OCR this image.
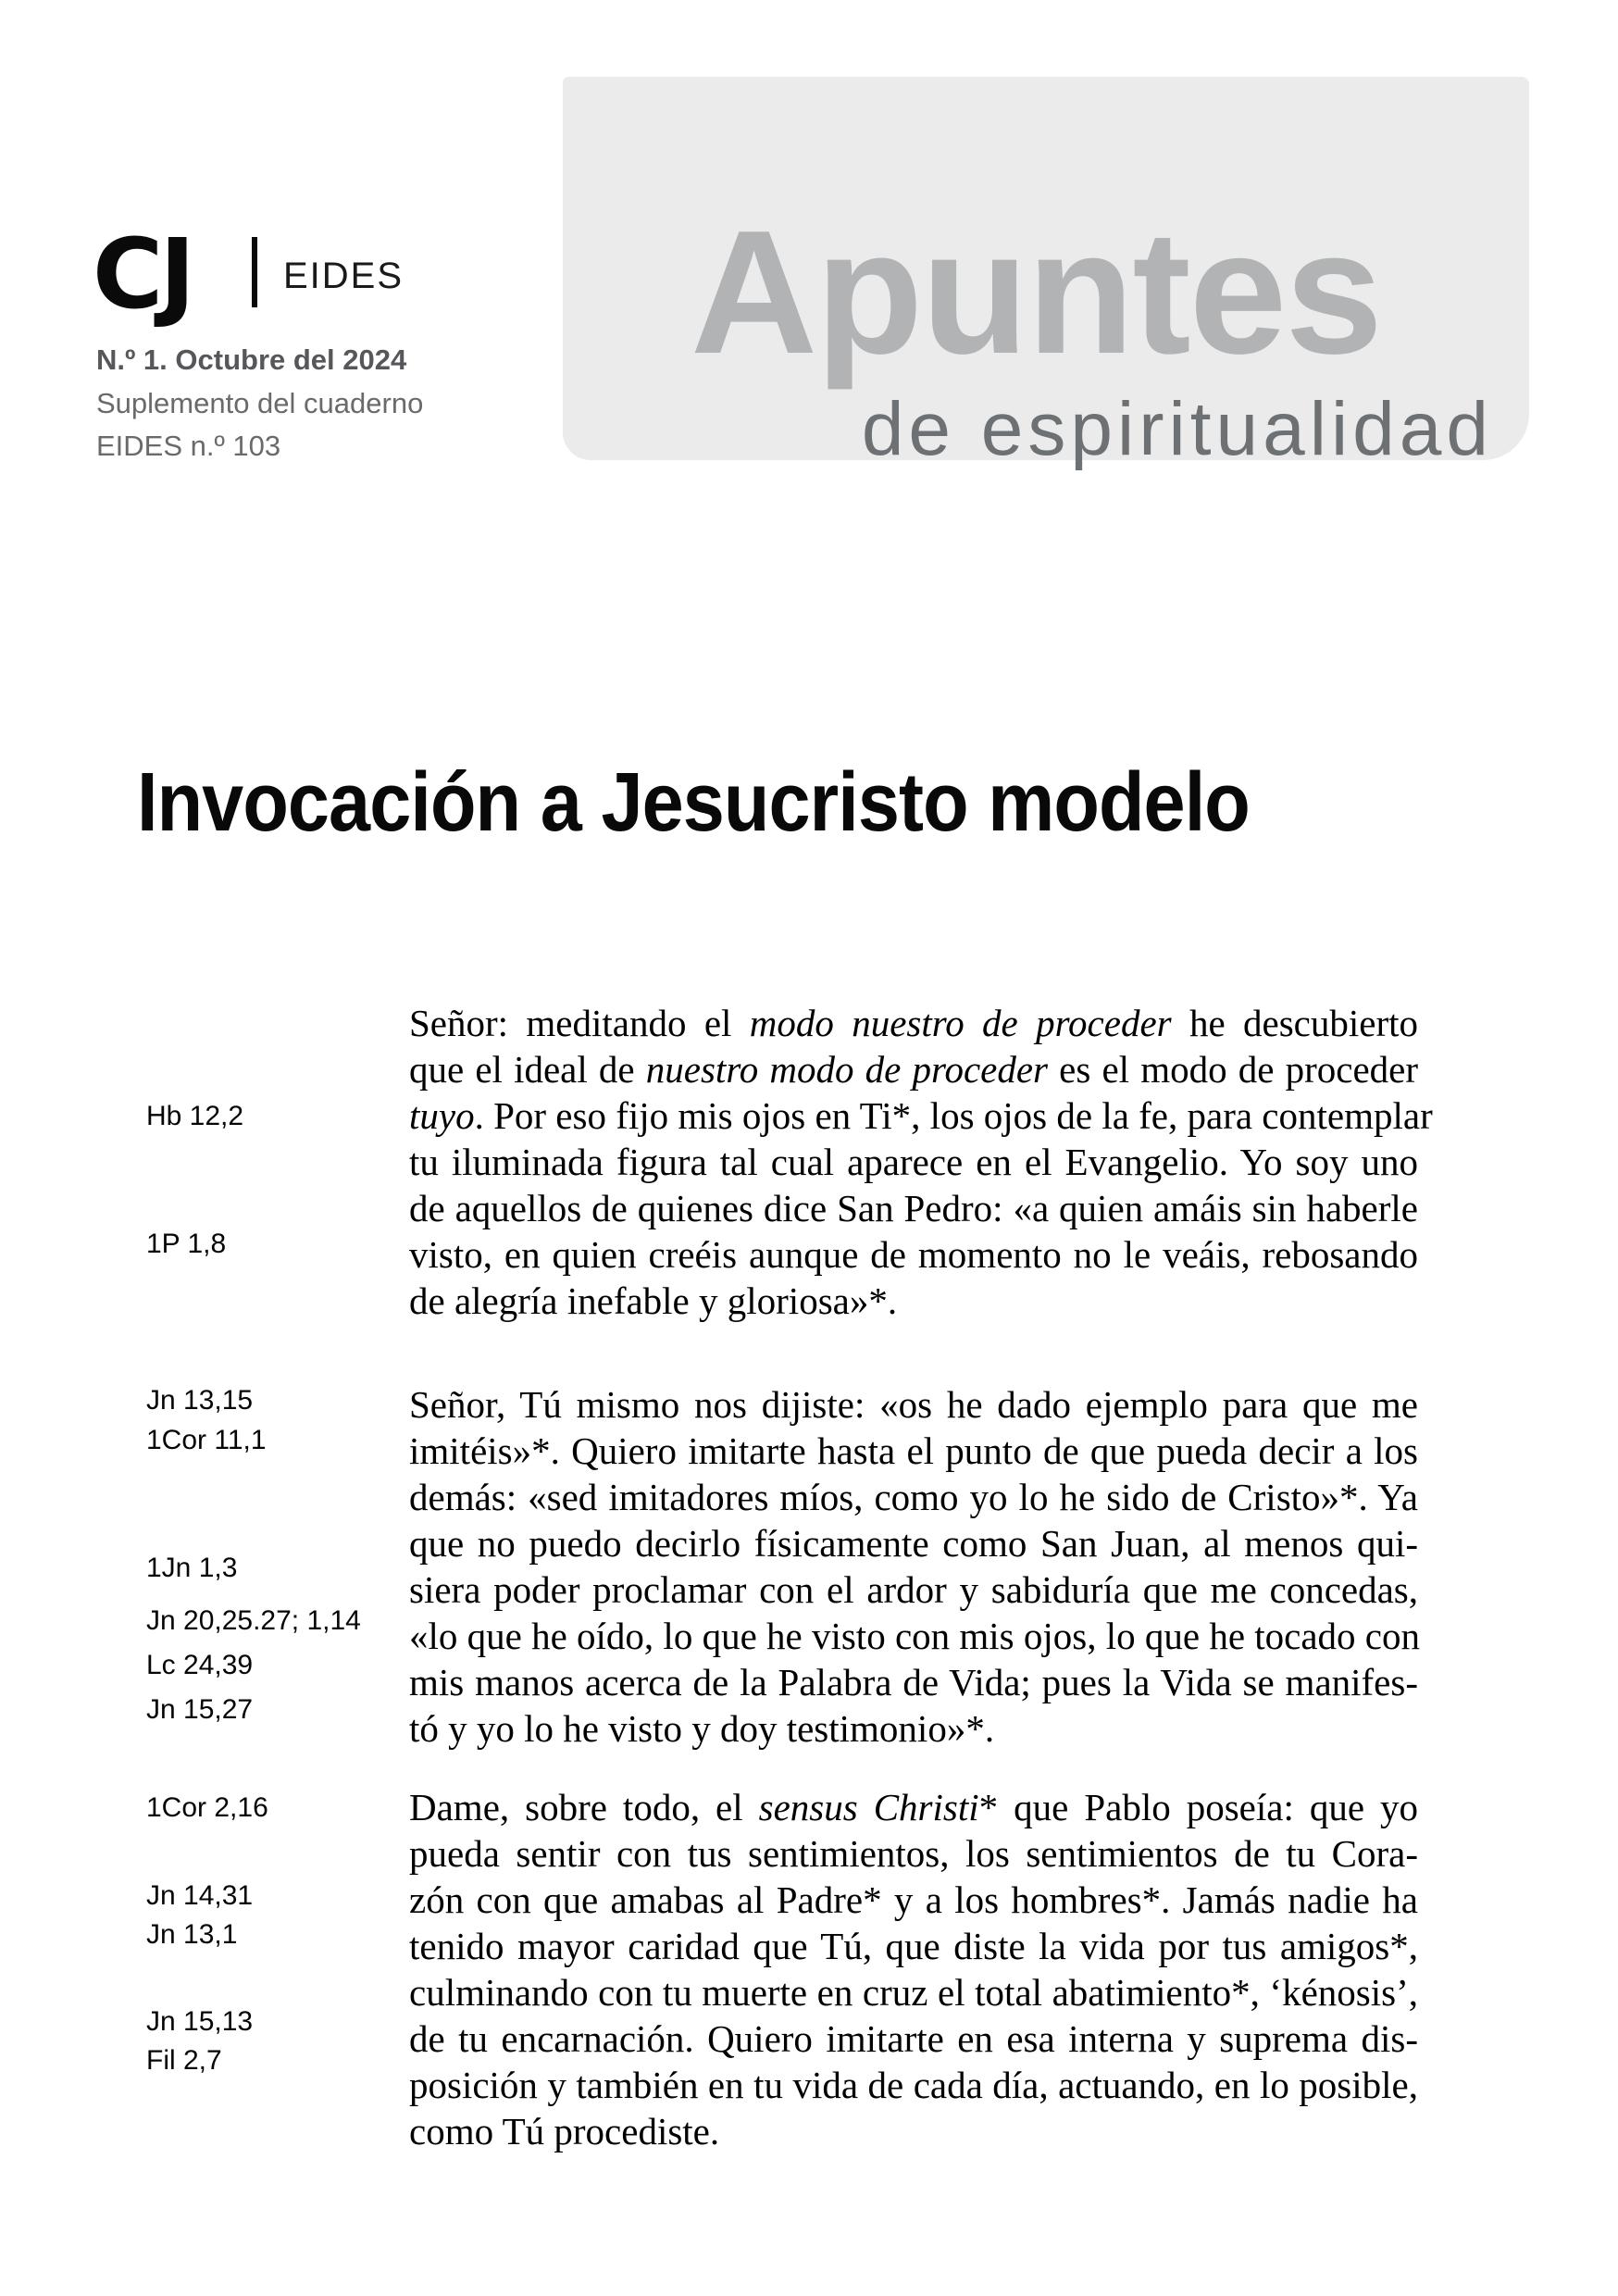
Apuntes
de espiritualidad
CJ EIDES
N.º 1. Octubre del 2024
Suplemento del cuaderno
EIDES n.º 103
Invocación a Jesucristo modelo
Señor: meditando el modo nuestro de proceder he descubierto
que el ideal de nuestro modo de proceder es el modo de proceder
tuyo. Por eso fijo mis ojos en Ti*, los ojos de la fe, para contemplar
tu iluminada figura tal cual aparece en el Evangelio. Yo soy uno
de aquellos de quienes dice San Pedro: «a quien amáis sin haberle
visto, en quien creéis aunque de momento no le veáis, rebosando
de alegría inefable y gloriosa»*.
Señor, Tú mismo nos dijiste: «os he dado ejemplo para que me
imitéis»*. Quiero imitarte hasta el punto de que pueda decir a los
demás: «sed imitadores míos, como yo lo he sido de Cristo»*. Ya
que no puedo decirlo físicamente como San Juan, al menos qui-
siera poder proclamar con el ardor y sabiduría que me concedas,
«lo que he oído, lo que he visto con mis ojos, lo que he tocado con
mis manos acerca de la Palabra de Vida; pues la Vida se manifes-
tó y yo lo he visto y doy testimonio»*.
Dame, sobre todo, el sensus Christi* que Pablo poseía: que yo
pueda sentir con tus sentimientos, los sentimientos de tu Cora-
zón con que amabas al Padre* y a los hombres*. Jamás nadie ha
tenido mayor caridad que Tú, que diste la vida por tus amigos*,
culminando con tu muerte en cruz el total abatimiento*, ‘kénosis’,
de tu encarnación. Quiero imitarte en esa interna y suprema dis-
posición y también en tu vida de cada día, actuando, en lo posible,
como Tú procediste.
Hb 12,2
1P 1,8
Jn 13,15
1Cor 11,1
1Jn 1,3
Jn 20,25.27; 1,14
Lc 24,39
Jn 15,27
1Cor 2,16
Jn 14,31
Jn 13,1
Jn 15,13
Fil 2,7
